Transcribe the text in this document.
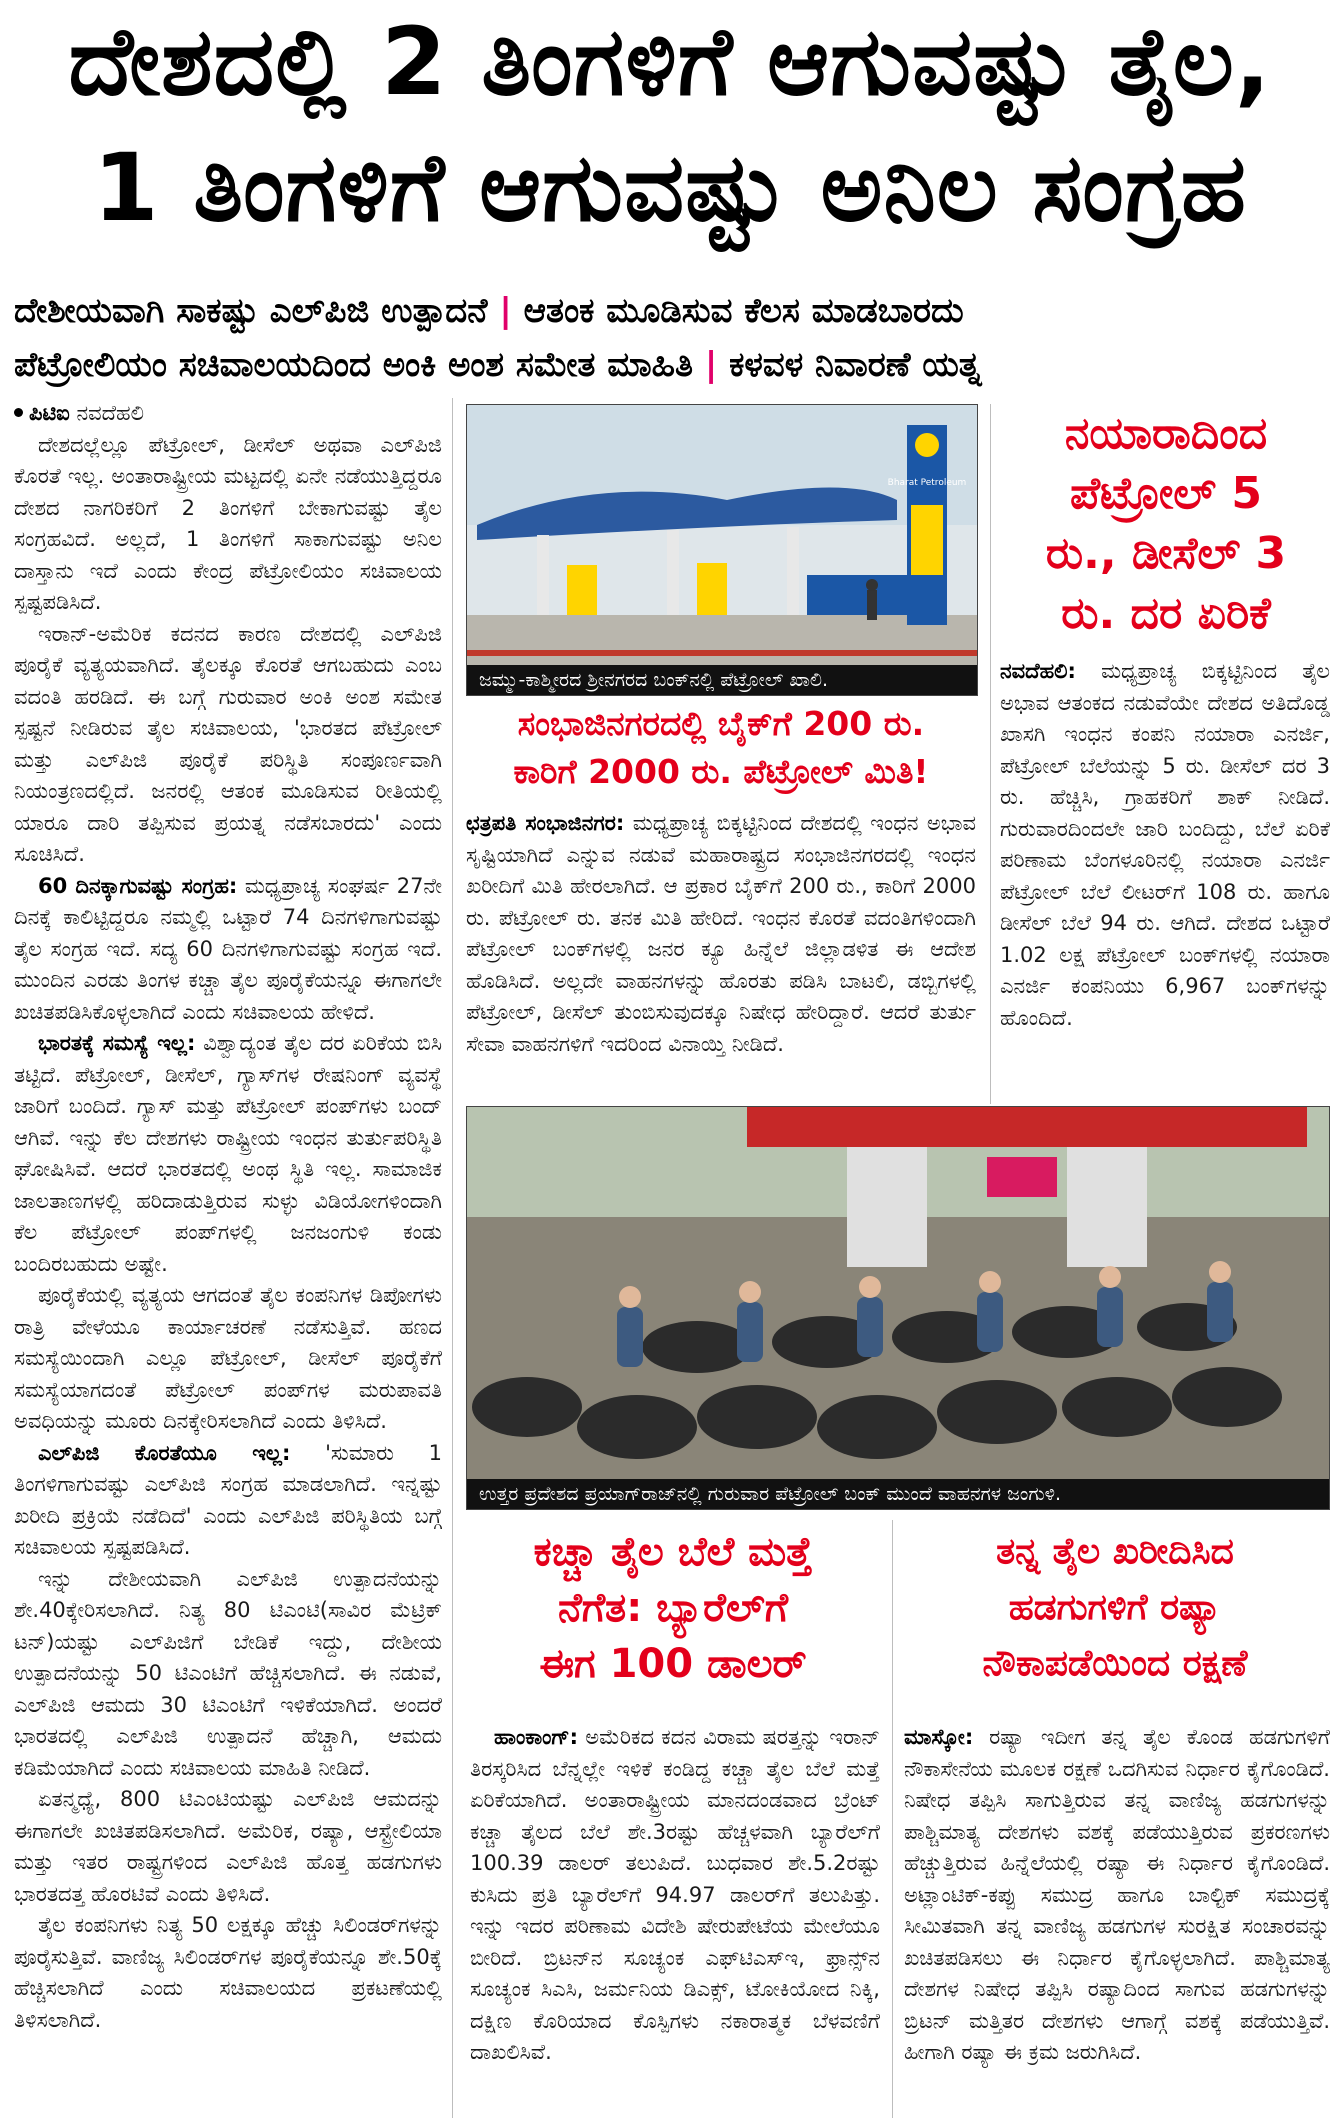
ದೇಶದಲ್ಲಿ 2 ತಿಂಗಳಿಗೆ ಆಗುವಷ್ಟು ತೈಲ,
1 ತಿಂಗಳಿಗೆ ಆಗುವಷ್ಟು ಅನಿಲ ಸಂಗ್ರಹ
ದೇಶೀಯವಾಗಿ ಸಾಕಷ್ಟು ಎಲ್‌ಪಿಜಿ ಉತ್ಪಾದನೆ | ಆತಂಕ ಮೂಡಿಸುವ ಕೆಲಸ ಮಾಡಬಾರದು
ಪೆಟ್ರೋಲಿಯಂ ಸಚಿವಾಲಯದಿಂದ ಅಂಕಿ ಅಂಶ ಸಮೇತ ಮಾಹಿತಿ | ಕಳವಳ ನಿವಾರಣೆ ಯತ್ನ

ಪಿಟಿಐ ನವದೆಹಲಿ

ದೇಶದಲ್ಲೆಲ್ಲೂ ಪೆಟ್ರೋಲ್, ಡೀಸೆಲ್ ಅಥವಾ ಎಲ್‌ಪಿಜಿ ಕೊರತೆ ಇಲ್ಲ. ಅಂತಾರಾಷ್ಟ್ರೀಯ ಮಟ್ಟದಲ್ಲಿ ಏನೇ ನಡೆಯುತ್ತಿದ್ದರೂ ದೇಶದ ನಾಗರಿಕರಿಗೆ 2 ತಿಂಗಳಿಗೆ ಬೇಕಾಗುವಷ್ಟು ತೈಲ ಸಂಗ್ರಹವಿದೆ. ಅಲ್ಲದೆ, 1 ತಿಂಗಳಿಗೆ ಸಾಕಾಗುವಷ್ಟು ಅನಿಲ ದಾಸ್ತಾನು ಇದೆ ಎಂದು ಕೇಂದ್ರ ಪೆಟ್ರೋಲಿಯಂ ಸಚಿವಾಲಯ ಸ್ಪಷ್ಟಪಡಿಸಿದೆ.

ಇರಾನ್-ಅಮೆರಿಕ ಕದನದ ಕಾರಣ ದೇಶದಲ್ಲಿ ಎಲ್‌ಪಿಜಿ ಪೂರೈಕೆ ವ್ಯತ್ಯಯವಾಗಿದೆ. ತೈಲಕ್ಕೂ ಕೊರತೆ ಆಗಬಹುದು ಎಂಬ ವದಂತಿ ಹರಡಿದೆ. ಈ ಬಗ್ಗೆ ಗುರುವಾರ ಅಂಕಿ ಅಂಶ ಸಮೇತ ಸ್ಪಷ್ಟನೆ ನೀಡಿರುವ ತೈಲ ಸಚಿವಾಲಯ, 'ಭಾರತದ ಪೆಟ್ರೋಲ್ ಮತ್ತು ಎಲ್‌ಪಿಜಿ ಪೂರೈಕೆ ಪರಿಸ್ಥಿತಿ ಸಂಪೂರ್ಣವಾಗಿ ನಿಯಂತ್ರಣದಲ್ಲಿದೆ. ಜನರಲ್ಲಿ ಆತಂಕ ಮೂಡಿಸುವ ರೀತಿಯಲ್ಲಿ ಯಾರೂ ದಾರಿ ತಪ್ಪಿಸುವ ಪ್ರಯತ್ನ ನಡೆಸಬಾರದು' ಎಂದು ಸೂಚಿಸಿದೆ.

60 ದಿನಕ್ಕಾಗುವಷ್ಟು ಸಂಗ್ರಹ: ಮಧ್ಯಪ್ರಾಚ್ಯ ಸಂಘರ್ಷ 27ನೇ ದಿನಕ್ಕೆ ಕಾಲಿಟ್ಟಿದ್ದರೂ ನಮ್ಮಲ್ಲಿ ಒಟ್ಟಾರೆ 74 ದಿನಗಳಿಗಾಗುವಷ್ಟು ತೈಲ ಸಂಗ್ರಹ ಇದೆ. ಸದ್ಯ 60 ದಿನಗಳಿಗಾಗುವಷ್ಟು ಸಂಗ್ರಹ ಇದೆ. ಮುಂದಿನ ಎರಡು ತಿಂಗಳ ಕಚ್ಚಾ ತೈಲ ಪೂರೈಕೆಯನ್ನೂ ಈಗಾಗಲೇ ಖಚಿತಪಡಿಸಿಕೊಳ್ಳಲಾಗಿದೆ ಎಂದು ಸಚಿವಾಲಯ ಹೇಳಿದೆ.

ಭಾರತಕ್ಕೆ ಸಮಸ್ಯೆ ಇಲ್ಲ: ವಿಶ್ವಾದ್ಯಂತ ತೈಲ ದರ ಏರಿಕೆಯ ಬಿಸಿ ತಟ್ಟಿದೆ. ಪೆಟ್ರೋಲ್, ಡೀಸೆಲ್, ಗ್ಯಾಸ್‌ಗಳ ರೇಷನಿಂಗ್ ವ್ಯವಸ್ಥೆ ಜಾರಿಗೆ ಬಂದಿದೆ. ಗ್ಯಾಸ್ ಮತ್ತು ಪೆಟ್ರೋಲ್ ಪಂಪ್‌ಗಳು ಬಂದ್ ಆಗಿವೆ. ಇನ್ನು ಕೆಲ ದೇಶಗಳು ರಾಷ್ಟ್ರೀಯ ಇಂಧನ ತುರ್ತುಪರಿಸ್ಥಿತಿ ಘೋಷಿಸಿವೆ. ಆದರೆ ಭಾರತದಲ್ಲಿ ಅಂಥ ಸ್ಥಿತಿ ಇಲ್ಲ. ಸಾಮಾಜಿಕ ಜಾಲತಾಣಗಳಲ್ಲಿ ಹರಿದಾಡುತ್ತಿರುವ ಸುಳ್ಳು ವಿಡಿಯೋಗಳಿಂದಾಗಿ ಕೆಲ ಪೆಟ್ರೋಲ್ ಪಂಪ್‌ಗಳಲ್ಲಿ ಜನಜಂಗುಳಿ ಕಂಡು ಬಂದಿರಬಹುದು ಅಷ್ಟೇ.

ಪೂರೈಕೆಯಲ್ಲಿ ವ್ಯತ್ಯಯ ಆಗದಂತೆ ತೈಲ ಕಂಪನಿಗಳ ಡಿಪೋಗಳು ರಾತ್ರಿ ವೇಳೆಯೂ ಕಾರ್ಯಾಚರಣೆ ನಡೆಸುತ್ತಿವೆ. ಹಣದ ಸಮಸ್ಯೆಯಿಂದಾಗಿ ಎಲ್ಲೂ ಪೆಟ್ರೋಲ್, ಡೀಸೆಲ್ ಪೂರೈಕೆಗೆ ಸಮಸ್ಯೆಯಾಗದಂತೆ ಪೆಟ್ರೋಲ್ ಪಂಪ್‌ಗಳ ಮರುಪಾವತಿ ಅವಧಿಯನ್ನು ಮೂರು ದಿನಕ್ಕೇರಿಸಲಾಗಿದೆ ಎಂದು ತಿಳಿಸಿದೆ.

ಎಲ್‌ಪಿಜಿ ಕೊರತೆಯೂ ಇಲ್ಲ: 'ಸುಮಾರು 1 ತಿಂಗಳಿಗಾಗುವಷ್ಟು ಎಲ್‌ಪಿಜಿ ಸಂಗ್ರಹ ಮಾಡಲಾಗಿದೆ. ಇನ್ನಷ್ಟು ಖರೀದಿ ಪ್ರಕ್ರಿಯೆ ನಡೆದಿದೆ' ಎಂದು ಎಲ್‌ಪಿಜಿ ಪರಿಸ್ಥಿತಿಯ ಬಗ್ಗೆ ಸಚಿವಾಲಯ ಸ್ಪಷ್ಟಪಡಿಸಿದೆ.

ಇನ್ನು ದೇಶೀಯವಾಗಿ ಎಲ್‌ಪಿಜಿ ಉತ್ಪಾದನೆಯನ್ನು ಶೇ.40ಕ್ಕೇರಿಸಲಾಗಿದೆ. ನಿತ್ಯ 80 ಟಿಎಂಟಿ(ಸಾವಿರ ಮೆಟ್ರಿಕ್ ಟನ್)ಯಷ್ಟು ಎಲ್‌ಪಿಜಿಗೆ ಬೇಡಿಕೆ ಇದ್ದು, ದೇಶೀಯ ಉತ್ಪಾದನೆಯನ್ನು 50 ಟಿಎಂಟಿಗೆ ಹೆಚ್ಚಿಸಲಾಗಿದೆ. ಈ ನಡುವೆ, ಎಲ್‌ಪಿಜಿ ಆಮದು 30 ಟಿಎಂಟಿಗೆ ಇಳಿಕೆಯಾಗಿದೆ. ಅಂದರೆ ಭಾರತದಲ್ಲಿ ಎಲ್‌ಪಿಜಿ ಉತ್ಪಾದನೆ ಹೆಚ್ಚಾಗಿ, ಆಮದು ಕಡಿಮೆಯಾಗಿದೆ ಎಂದು ಸಚಿವಾಲಯ ಮಾಹಿತಿ ನೀಡಿದೆ.

ಏತನ್ಮಧ್ಯೆ, 800 ಟಿಎಂಟಿಯಷ್ಟು ಎಲ್‌ಪಿಜಿ ಆಮದನ್ನು ಈಗಾಗಲೇ ಖಚಿತಪಡಿಸಲಾಗಿದೆ. ಅಮೆರಿಕ, ರಷ್ಯಾ, ಆಸ್ಟ್ರೇಲಿಯಾ ಮತ್ತು ಇತರ ರಾಷ್ಟ್ರಗಳಿಂದ ಎಲ್‌ಪಿಜಿ ಹೊತ್ತ ಹಡಗುಗಳು ಭಾರತದತ್ತ ಹೊರಟಿವೆ ಎಂದು ತಿಳಿಸಿದೆ.

ತೈಲ ಕಂಪನಿಗಳು ನಿತ್ಯ 50 ಲಕ್ಷಕ್ಕೂ ಹೆಚ್ಚು ಸಿಲಿಂಡರ್‌ಗಳನ್ನು ಪೂರೈಸುತ್ತಿವೆ. ವಾಣಿಜ್ಯ ಸಿಲಿಂಡರ್‌ಗಳ ಪೂರೈಕೆಯನ್ನೂ ಶೇ.50ಕ್ಕೆ ಹೆಚ್ಚಿಸಲಾಗಿದೆ ಎಂದು ಸಚಿವಾಲಯದ ಪ್ರಕಟಣೆಯಲ್ಲಿ ತಿಳಿಸಲಾಗಿದೆ.

Bharat Petroleum
ಜಮ್ಮು-ಕಾಶ್ಮೀರದ ಶ್ರೀನಗರದ ಬಂಕ್‌ನಲ್ಲಿ ಪೆಟ್ರೋಲ್ ಖಾಲಿ.
ಸಂಭಾಜಿನಗರದಲ್ಲಿ ಬೈಕ್‌ಗೆ 200 ರು.
ಕಾರಿಗೆ 2000 ರು. ಪೆಟ್ರೋಲ್ ಮಿತಿ!

ಛತ್ರಪತಿ ಸಂಭಾಜಿನಗರ: ಮಧ್ಯಪ್ರಾಚ್ಯ ಬಿಕ್ಕಟ್ಟಿನಿಂದ ದೇಶದಲ್ಲಿ ಇಂಧನ ಅಭಾವ ಸೃಷ್ಟಿಯಾಗಿದೆ ಎನ್ನುವ ನಡುವೆ ಮಹಾರಾಷ್ಟ್ರದ ಸಂಭಾಜಿನಗರದಲ್ಲಿ ಇಂಧನ ಖರೀದಿಗೆ ಮಿತಿ ಹೇರಲಾಗಿದೆ. ಆ ಪ್ರಕಾರ ಬೈಕ್‌ಗೆ 200 ರು., ಕಾರಿಗೆ 2000 ರು. ಪೆಟ್ರೋಲ್ ರು. ತನಕ ಮಿತಿ ಹೇರಿದೆ. ಇಂಧನ ಕೊರತೆ ವದಂತಿಗಳಿಂದಾಗಿ ಪೆಟ್ರೋಲ್ ಬಂಕ್‌ಗಳಲ್ಲಿ ಜನರ ಕ್ಯೂ ಹಿನ್ನೆಲೆ ಜಿಲ್ಲಾಡಳಿತ ಈ ಆದೇಶ ಹೊಡಿಸಿದೆ. ಅಲ್ಲದೇ ವಾಹನಗಳನ್ನು ಹೊರತು ಪಡಿಸಿ ಬಾಟಲಿ, ಡಬ್ಬಿಗಳಲ್ಲಿ ಪೆಟ್ರೋಲ್, ಡೀಸೆಲ್ ತುಂಬಿಸುವುದಕ್ಕೂ ನಿಷೇಧ ಹೇರಿದ್ದಾರೆ. ಆದರೆ ತುರ್ತು ಸೇವಾ ವಾಹನಗಳಿಗೆ ಇದರಿಂದ ವಿನಾಯ್ತಿ ನೀಡಿದೆ.

ನಯಾರಾದಿಂದ
ಪೆಟ್ರೋಲ್ 5
ರು., ಡೀಸೆಲ್ 3
ರು. ದರ ಏರಿಕೆ

ನವದೆಹಲಿ: ಮಧ್ಯಪ್ರಾಚ್ಯ ಬಿಕ್ಕಟ್ಟಿನಿಂದ ತೈಲ ಅಭಾವ ಆತಂಕದ ನಡುವೆಯೇ ದೇಶದ ಅತಿದೊಡ್ಡ ಖಾಸಗಿ ಇಂಧನ ಕಂಪನಿ ನಯಾರಾ ಎನರ್ಜಿ, ಪೆಟ್ರೋಲ್ ಬೆಲೆಯನ್ನು 5 ರು. ಡೀಸೆಲ್ ದರ 3 ರು. ಹೆಚ್ಚಿಸಿ, ಗ್ರಾಹಕರಿಗೆ ಶಾಕ್ ನೀಡಿದೆ. ಗುರುವಾರದಿಂದಲೇ ಜಾರಿ ಬಂದಿದ್ದು, ಬೆಲೆ ಏರಿಕೆ ಪರಿಣಾಮ ಬೆಂಗಳೂರಿನಲ್ಲಿ ನಯಾರಾ ಎನರ್ಜಿ ಪೆಟ್ರೋಲ್ ಬೆಲೆ ಲೀಟರ್‌ಗೆ 108 ರು. ಹಾಗೂ ಡೀಸೆಲ್ ಬೆಲೆ 94 ರು. ಆಗಿದೆ. ದೇಶದ ಒಟ್ಟಾರೆ 1.02 ಲಕ್ಷ ಪೆಟ್ರೋಲ್ ಬಂಕ್‌ಗಳಲ್ಲಿ ನಯಾರಾ ಎನರ್ಜಿ ಕಂಪನಿಯು 6,967 ಬಂಕ್‌ಗಳನ್ನು ಹೊಂದಿದೆ.

ಉತ್ತರ ಪ್ರದೇಶದ ಪ್ರಯಾಗ್‌ರಾಜ್‌ನಲ್ಲಿ ಗುರುವಾರ ಪೆಟ್ರೋಲ್ ಬಂಕ್ ಮುಂದೆ ವಾಹನಗಳ ಜಂಗುಳಿ.
ಕಚ್ಚಾ ತೈಲ ಬೆಲೆ ಮತ್ತೆ
ನೆಗೆತ: ಬ್ಯಾರೆಲ್‌ಗೆ
ಈಗ 100 ಡಾಲರ್

ಹಾಂಕಾಂಗ್: ಅಮೆರಿಕದ ಕದನ ವಿರಾಮ ಷರತ್ತನ್ನು ಇರಾನ್ ತಿರಸ್ಕರಿಸಿದ ಬೆನ್ನಲ್ಲೇ ಇಳಿಕೆ ಕಂಡಿದ್ದ ಕಚ್ಚಾ ತೈಲ ಬೆಲೆ ಮತ್ತೆ ಏರಿಕೆಯಾಗಿದೆ. ಅಂತಾರಾಷ್ಟ್ರೀಯ ಮಾನದಂಡವಾದ ಬ್ರೆಂಟ್ ಕಚ್ಚಾ ತೈಲದ ಬೆಲೆ ಶೇ.3ರಷ್ಟು ಹೆಚ್ಚಳವಾಗಿ ಬ್ಯಾರೆಲ್‌ಗೆ 100.39 ಡಾಲರ್ ತಲುಪಿದೆ. ಬುಧವಾರ ಶೇ.5.2ರಷ್ಟು ಕುಸಿದು ಪ್ರತಿ ಬ್ಯಾರೆಲ್‌ಗೆ 94.97 ಡಾಲರ್‌ಗೆ ತಲುಪಿತ್ತು. ಇನ್ನು ಇದರ ಪರಿಣಾಮ ವಿದೇಶಿ ಷೇರುಪೇಟೆಯ ಮೇಲೆಯೂ ಬೀರಿದೆ. ಬ್ರಿಟನ್‌ನ ಸೂಚ್ಯಂಕ ಎಫ್‌ಟಿಎಸ್‌ಇ, ಫ್ರಾನ್ಸ್‌ನ ಸೂಚ್ಯಂಕ ಸಿಎಸಿ, ಜರ್ಮನಿಯ ಡಿಎಕ್ಸ್, ಟೋಕಿಯೋದ ನಿಕ್ಕಿ, ದಕ್ಷಿಣ ಕೊರಿಯಾದ ಕೊಸ್ಪಿಗಳು ನಕಾರಾತ್ಮಕ ಬೆಳವಣಿಗೆ ದಾಖಲಿಸಿವೆ.

ತನ್ನ ತೈಲ ಖರೀದಿಸಿದ
ಹಡಗುಗಳಿಗೆ ರಷ್ಯಾ
ನೌಕಾಪಡೆಯಿಂದ ರಕ್ಷಣೆ

ಮಾಸ್ಕೋ: ರಷ್ಯಾ ಇದೀಗ ತನ್ನ ತೈಲ ಕೊಂಡ ಹಡಗುಗಳಿಗೆ ನೌಕಾಸೇನೆಯ ಮೂಲಕ ರಕ್ಷಣೆ ಒದಗಿಸುವ ನಿರ್ಧಾರ ಕೈಗೊಂಡಿದೆ. ನಿಷೇಧ ತಪ್ಪಿಸಿ ಸಾಗುತ್ತಿರುವ ತನ್ನ ವಾಣಿಜ್ಯ ಹಡಗುಗಳನ್ನು ಪಾಶ್ಚಿಮಾತ್ಯ ದೇಶಗಳು ವಶಕ್ಕೆ ಪಡೆಯುತ್ತಿರುವ ಪ್ರಕರಣಗಳು ಹೆಚ್ಚುತ್ತಿರುವ ಹಿನ್ನೆಲೆಯಲ್ಲಿ ರಷ್ಯಾ ಈ ನಿರ್ಧಾರ ಕೈಗೊಂಡಿದೆ. ಅಟ್ಲಾಂಟಿಕ್-ಕಪ್ಪು ಸಮುದ್ರ ಹಾಗೂ ಬಾಲ್ಟಿಕ್ ಸಮುದ್ರಕ್ಕೆ ಸೀಮಿತವಾಗಿ ತನ್ನ ವಾಣಿಜ್ಯ ಹಡಗುಗಳ ಸುರಕ್ಷಿತ ಸಂಚಾರವನ್ನು ಖಚಿತಪಡಿಸಲು ಈ ನಿರ್ಧಾರ ಕೈಗೊಳ್ಳಲಾಗಿದೆ. ಪಾಶ್ಚಿಮಾತ್ಯ ದೇಶಗಳ ನಿಷೇಧ ತಪ್ಪಿಸಿ ರಷ್ಯಾದಿಂದ ಸಾಗುವ ಹಡಗುಗಳನ್ನು ಬ್ರಿಟನ್ ಮತ್ತಿತರ ದೇಶಗಳು ಆಗಾಗ್ಗೆ ವಶಕ್ಕೆ ಪಡೆಯುತ್ತಿವೆ. ಹೀಗಾಗಿ ರಷ್ಯಾ ಈ ಕ್ರಮ ಜರುಗಿಸಿದೆ.
